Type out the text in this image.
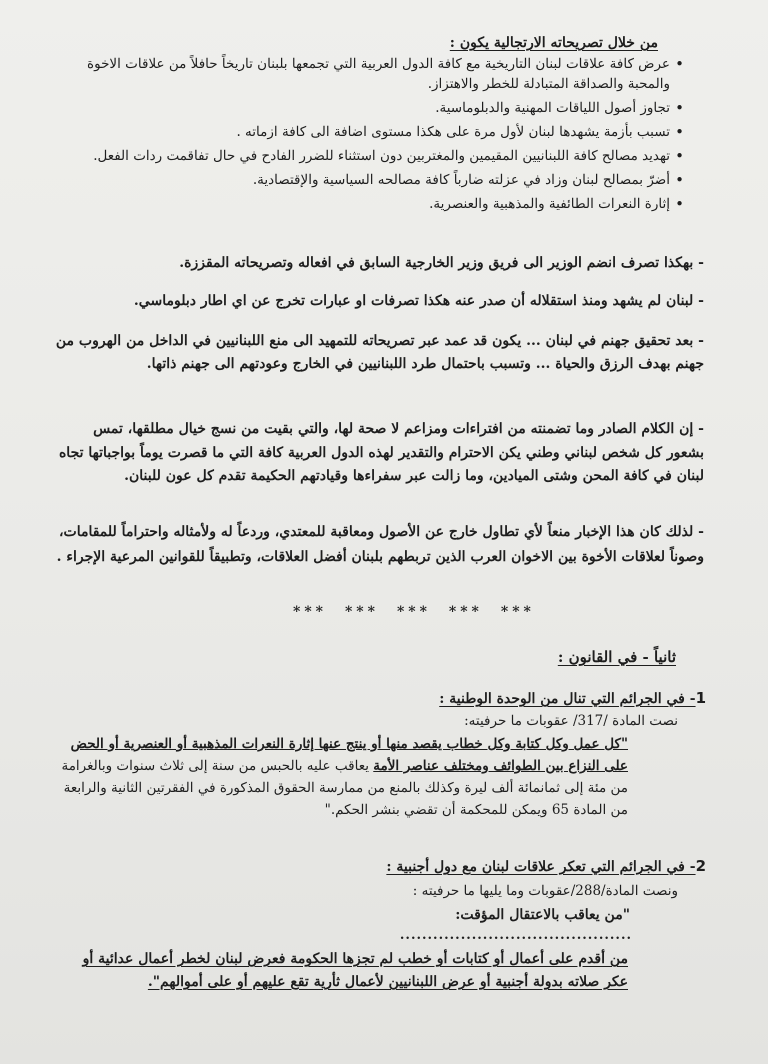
من خلال تصريحاته الارتجالية يكون :
• عرض كافة علاقات لبنان التاريخية مع كافة الدول العربية التي تجمعها بلبنان تاريخاً حافلاً من علاقات الاخوة والمحبة والصداقة المتبادلة للخطر والاهتزاز.
• تجاوز أصول اللياقات المهنية والدبلوماسية.
• تسبب بأزمة يشهدها لبنان لأول مرة على هكذا مستوى اضافة الى كافة ازماته .
• تهديد مصالح كافة اللبنانيين المقيمين والمغتربين دون استثناء للضرر الفادح في حال تفاقمت ردات الفعل.
• أضرّ بمصالح لبنان وزاد في عزلته ضارباً كافة مصالحه السياسية والإقتصادية.
• إثارة النعرات الطائفية والمذهبية والعنصرية.
- بهكذا تصرف انضم الوزير الى فريق وزير الخارجية السابق في افعاله وتصريحاته المقززة.
- لبنان لم يشهد ومنذ استقلاله أن صدر عنه هكذا تصرفات او عبارات تخرج عن اي اطار دبلوماسي.
- بعد تحقيق جهنم في لبنان ... يكون قد عمد عبر تصريحاته للتمهيد الى منع اللبنانيين في الداخل من الهروب من جهنم بهدف الرزق والحياة ... وتسبب باحتمال طرد اللبنانيين في الخارج وعودتهم الى جهنم ذاتها.
- إن الكلام الصادر وما تضمنته من افتراءات ومزاعم لا صحة لها، والتي بقيت من نسج خيال مطلقها، تمس بشعور كل شخص لبناني وطني يكن الاحترام والتقدير لهذه الدول العربية كافة التي ما قصرت يوماً بواجباتها تجاه لبنان في كافة المحن وشتى الميادين، وما زالت عبر سفراءها وقيادتهم الحكيمة تقدم كل عون للبنان.
- لذلك كان هذا الإخبار منعاً لأي تطاول خارج عن الأصول ومعاقبة للمعتدي، وردعاً له ولأمثاله واحتراماً للمقامات، وصوناً لعلاقات الأخوة بين الاخوان العرب الذين تربطهم بلبنان أفضل العلاقات، وتطبيقاً للقوانين المرعية الإجراء .
*** *** *** *** ***
ثانياً - في القانون :
1- في الجرائم التي تنال من الوحدة الوطنية :
نصت المادة /317/ عقوبات ما حرفيته:
"كل عمل وكل كتابة وكل خطاب يقصد منها أو ينتج عنها إثارة النعرات المذهبية أو العنصرية أو الحض على النزاع بين الطوائف ومختلف عناصر الأمة يعاقب عليه بالحبس من سنة إلى ثلاث سنوات وبالغرامة من مئة إلى ثمانمائة ألف ليرة وكذلك بالمنع من ممارسة الحقوق المذكورة في الفقرتين الثانية والرابعة من المادة 65 ويمكن للمحكمة أن تقضي بنشر الحكم."
2- في الجرائم التي تعكر علاقات لبنان مع دول أجنبية :
ونصت المادة/288/عقوبات وما يليها ما حرفيته :
"من يعاقب بالاعتقال المؤقت:
..........................................
من أقدم على أعمال أو كتابات أو خطب لم تجزها الحكومة فعرض لبنان لخطر أعمال عدائية أو عكر صلاته بدولة أجنبية أو عرض اللبنانيين لأعمال ثأرية تقع عليهم أو على أموالهم".
